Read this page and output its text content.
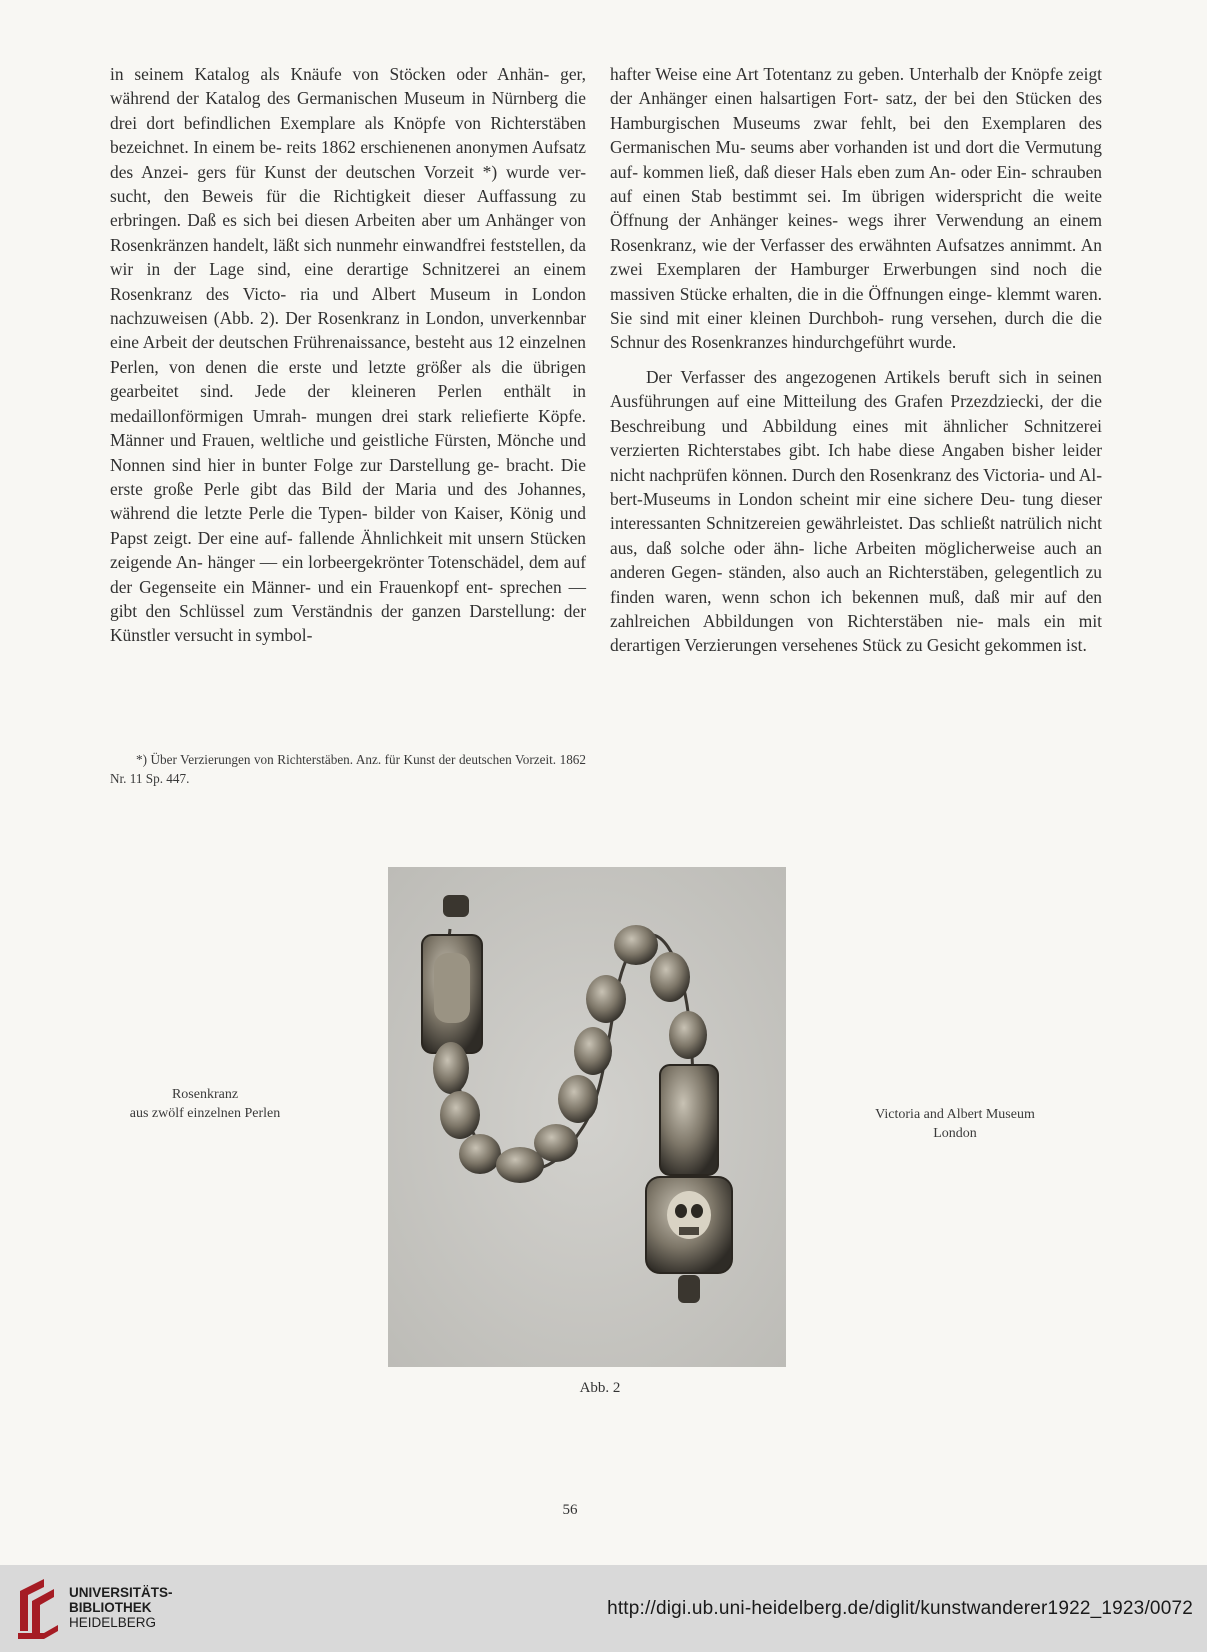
in seinem Katalog als Knäufe von Stöcken oder Anhän- ger, während der Katalog des Germanischen Museum in Nürnberg die drei dort befindlichen Exemplare als Knöpfe von Richterstäben bezeichnet. In einem be- reits 1862 erschienenen anonymen Aufsatz des Anzei- gers für Kunst der deutschen Vorzeit *) wurde ver- sucht, den Beweis für die Richtigkeit dieser Auffassung zu erbringen. Daß es sich bei diesen Arbeiten aber um Anhänger von Rosenkränzen handelt, läßt sich nunmehr einwandfrei feststellen, da wir in der Lage sind, eine derartige Schnitzerei an einem Rosenkranz des Victo- ria und Albert Museum in London nachzuweisen (Abb. 2). Der Rosenkranz in London, unverkennbar eine Arbeit der deutschen Frührenaissance, besteht aus 12 einzelnen Perlen, von denen die erste und letzte größer als die übrigen gearbeitet sind. Jede der kleineren Perlen enthält in medaillonförmigen Umrah- mungen drei stark reliefierte Köpfe. Männer und Frauen, weltliche und geistliche Fürsten, Mönche und Nonnen sind hier in bunter Folge zur Darstellung ge- bracht. Die erste große Perle gibt das Bild der Maria und des Johannes, während die letzte Perle die Typen- bilder von Kaiser, König und Papst zeigt. Der eine auf- fallende Ähnlichkeit mit unsern Stücken zeigende An- hänger — ein lorbeergekrönter Totenschädel, dem auf der Gegenseite ein Männer- und ein Frauenkopf ent- sprechen — gibt den Schlüssel zum Verständnis der ganzen Darstellung: der Künstler versucht in symbol-

hafter Weise eine Art Totentanz zu geben. Unterhalb der Knöpfe zeigt der Anhänger einen halsartigen Fort- satz, der bei den Stücken des Hamburgischen Museums zwar fehlt, bei den Exemplaren des Germanischen Mu- seums aber vorhanden ist und dort die Vermutung auf- kommen ließ, daß dieser Hals eben zum An- oder Ein- schrauben auf einen Stab bestimmt sei. Im übrigen widerspricht die weite Öffnung der Anhänger keines- wegs ihrer Verwendung an einem Rosenkranz, wie der Verfasser des erwähnten Aufsatzes annimmt. An zwei Exemplaren der Hamburger Erwerbungen sind noch die massiven Stücke erhalten, die in die Öffnungen einge- klemmt waren. Sie sind mit einer kleinen Durchboh- rung versehen, durch die die Schnur des Rosenkranzes hindurchgeführt wurde.

Der Verfasser des angezogenen Artikels beruft sich in seinen Ausführungen auf eine Mitteilung des Grafen Przezdziecki, der die Beschreibung und Abbildung eines mit ähnlicher Schnitzerei verzierten Richterstabes gibt. Ich habe diese Angaben bisher leider nicht nachprüfen können. Durch den Rosenkranz des Victoria- und Al- bert-Museums in London scheint mir eine sichere Deu- tung dieser interessanten Schnitzereien gewährleistet. Das schließt natrülich nicht aus, daß solche oder ähn- liche Arbeiten möglicherweise auch an anderen Gegen- ständen, also auch an Richterstäben, gelegentlich zu finden waren, wenn schon ich bekennen muß, daß mir auf den zahlreichen Abbildungen von Richterstäben nie- mals ein mit derartigen Verzierungen versehenes Stück zu Gesicht gekommen ist.

*) Über Verzierungen von Richterstäben. Anz. für Kunst der deutschen Vorzeit. 1862 Nr. 11 Sp. 447.
Rosenkranz
aus zwölf einzelnen Perlen	Victoria and Albert Museum
London
Abb. 2
56
UNIVERSITÄTS-
BIBLIOTHEK
HEIDELBERG
http://digi.ub.uni-heidelberg.de/diglit/kunstwanderer1922_1923/0072
